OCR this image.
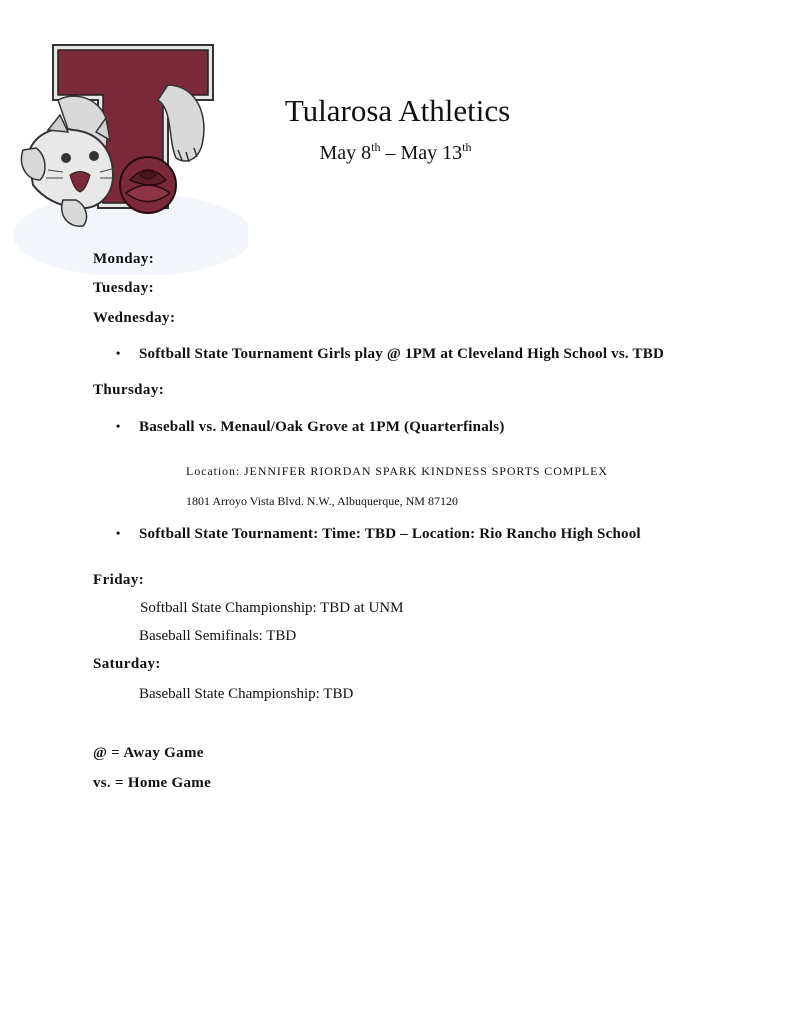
Tularosa Athletics
May 8th – May 13th
Monday:
Tuesday:
Wednesday:
• Softball State Tournament Girls play @ 1PM at Cleveland High School vs. TBD
Thursday:
• Baseball vs. Menaul/Oak Grove at 1PM (Quarterfinals)
Location: JENNIFER RIORDAN SPARK KINDNESS SPORTS COMPLEX
1801 Arroyo Vista Blvd. N.W., Albuquerque, NM 87120
• Softball State Tournament: Time: TBD – Location: Rio Rancho High School
Friday:
Softball State Championship: TBD at UNM
Baseball Semifinals: TBD
Saturday:
Baseball State Championship: TBD
@ = Away Game
vs. = Home Game
